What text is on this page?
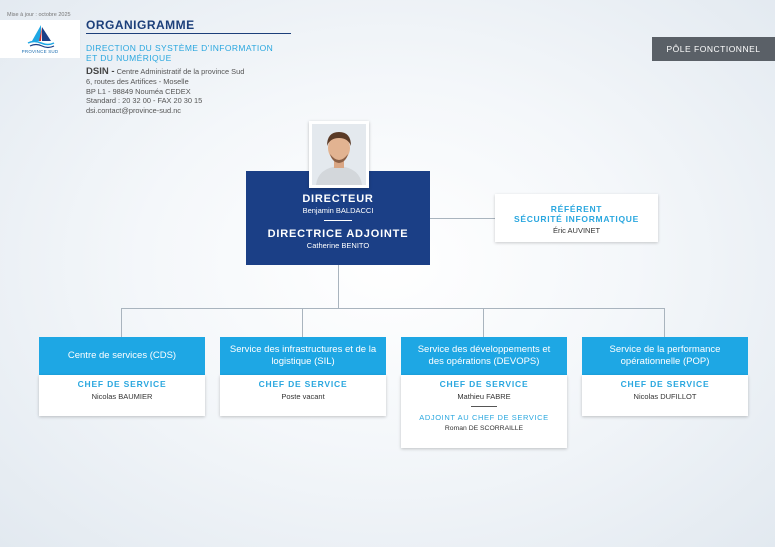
Mise à jour : octobre 2025
PROVINCE SUD
ORGANIGRAMME
DIRECTION DU SYSTÈME D’INFORMATION
ET DU NUMÉRIQUE
DSIN - Centre Administratif de la province Sud
6, routes des Artifices - Moselle
BP L1 - 98849 Nouméa CEDEX
Standard : 20 32 00 - FAX 20 30 15
dsi.contact@province-sud.nc
PÔLE FONCTIONNEL
DIRECTEUR
Benjamin BALDACCI
DIRECTRICE ADJOINTE
Catherine BENITO
RÉFÉRENT
SÉCURITÉ INFORMATIQUE
Éric AUVINET
Centre de services (CDS)
CHEF DE SERVICE
Nicolas BAUMIER
Service des infrastructures et de la logistique (SIL)
CHEF DE SERVICE
Poste vacant
Service des développements et des opérations (DEVOPS)
CHEF DE SERVICE
Mathieu FABRE
ADJOINT AU CHEF DE SERVICE
Roman DE SCORRAILLE
Service de la performance opérationnelle (POP)
CHEF DE SERVICE
Nicolas DUFILLOT
